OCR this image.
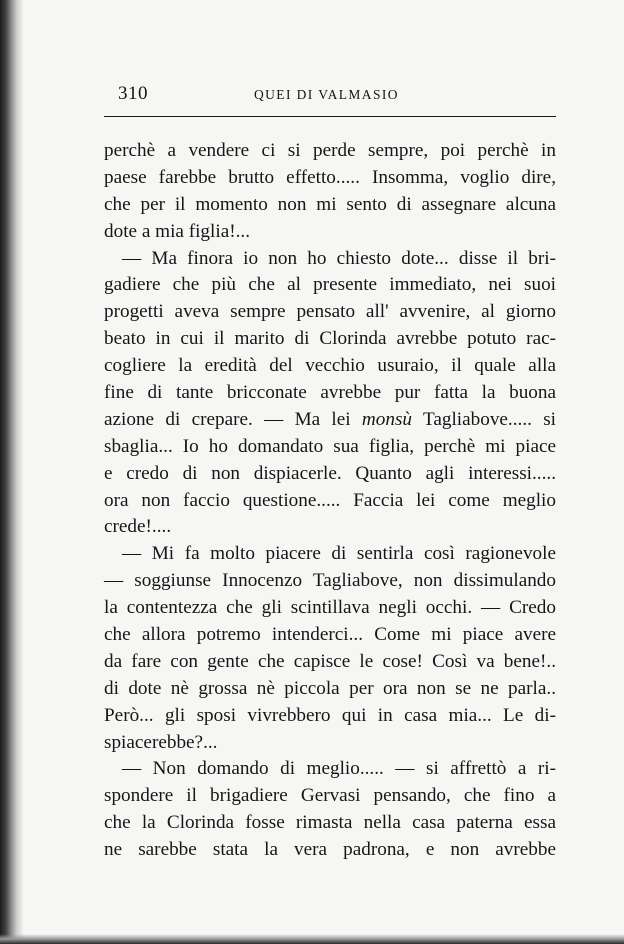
310	QUEI DI VALMASIO
perchè a vendere ci si perde sempre, poi perchè in
paese farebbe brutto effetto..... Insomma, voglio dire,
che per il momento non mi sento di assegnare alcuna
dote a mia figlia!...
— Ma finora io non ho chiesto dote... disse il bri-
gadiere che più che al presente immediato, nei suoi
progetti aveva sempre pensato all' avvenire, al giorno
beato in cui il marito di Clorinda avrebbe potuto rac-
cogliere la eredità del vecchio usuraio, il quale alla
fine di tante bricconate avrebbe pur fatta la buona
azione di crepare. — Ma lei monsù Tagliabove..... si
sbaglia... Io ho domandato sua figlia, perchè mi piace
e credo di non dispiacerle. Quanto agli interessi.....
ora non faccio questione..... Faccia lei come meglio
crede!....
— Mi fa molto piacere di sentirla così ragionevole
— soggiunse Innocenzo Tagliabove, non dissimulando
la contentezza che gli scintillava negli occhi. — Credo
che allora potremo intenderci... Come mi piace avere
da fare con gente che capisce le cose! Così va bene!..
di dote nè grossa nè piccola per ora non se ne parla..
Però... gli sposi vivrebbero qui in casa mia... Le di-
spiacerebbe?...
— Non domando di meglio..... — si affrettò a ri-
spondere il brigadiere Gervasi pensando, che fino a
che la Clorinda fosse rimasta nella casa paterna essa
ne sarebbe stata la vera padrona, e non avrebbe
